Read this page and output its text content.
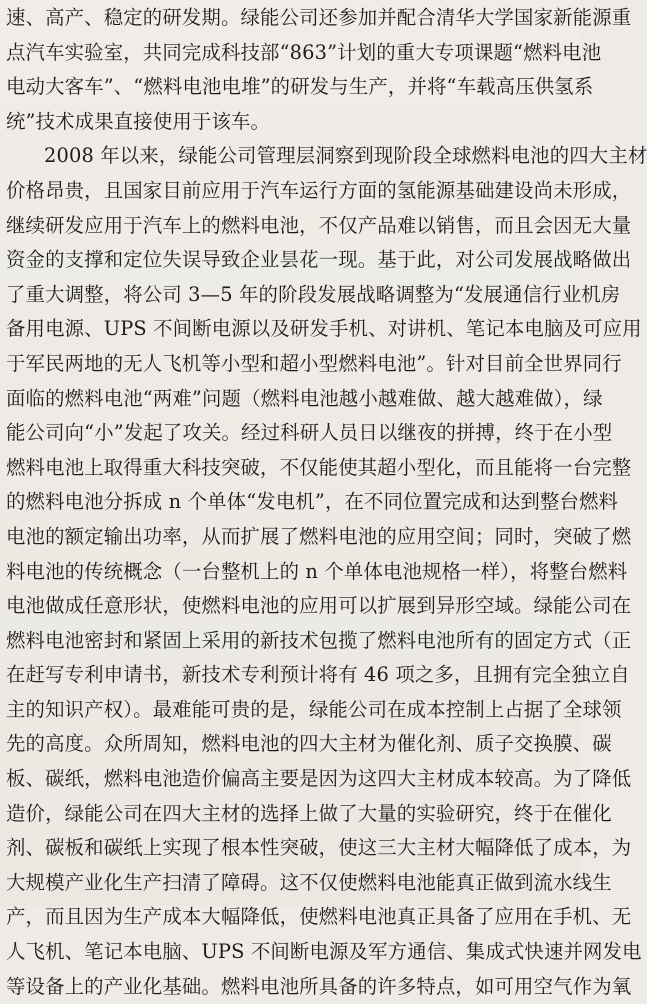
速、高产、稳定的研发期。绿能公司还参加并配合清华大学国家新能源重
点汽车实验室，共同完成科技部“863”计划的重大专项课题“燃料电池
电动大客车”、“燃料电池电堆”的研发与生产，并将“车载高压供氢系
统”技术成果直接使用于该车。
2008 年以来，绿能公司管理层洞察到现阶段全球燃料电池的四大主材
价格昂贵，且国家目前应用于汽车运行方面的氢能源基础建设尚未形成，
继续研发应用于汽车上的燃料电池，不仅产品难以销售，而且会因无大量
资金的支撑和定位失误导致企业昙花一现。基于此，对公司发展战略做出
了重大调整，将公司 3—5 年的阶段发展战略调整为“发展通信行业机房
备用电源、UPS 不间断电源以及研发手机、对讲机、笔记本电脑及可应用
于军民两地的无人飞机等小型和超小型燃料电池”。针对目前全世界同行
面临的燃料电池“两难”问题（燃料电池越小越难做、越大越难做），绿
能公司向“小”发起了攻关。经过科研人员日以继夜的拼搏，终于在小型
燃料电池上取得重大科技突破，不仅能使其超小型化，而且能将一台完整
的燃料电池分拆成 n 个单体“发电机”，在不同位置完成和达到整台燃料
电池的额定输出功率，从而扩展了燃料电池的应用空间；同时，突破了燃
料电池的传统概念（一台整机上的 n 个单体电池规格一样），将整台燃料
电池做成任意形状，使燃料电池的应用可以扩展到异形空域。绿能公司在
燃料电池密封和紧固上采用的新技术包揽了燃料电池所有的固定方式（正
在赶写专利申请书，新技术专利预计将有 46 项之多，且拥有完全独立自
主的知识产权）。最难能可贵的是，绿能公司在成本控制上占据了全球领
先的高度。众所周知，燃料电池的四大主材为催化剂、质子交换膜、碳
板、碳纸，燃料电池造价偏高主要是因为这四大主材成本较高。为了降低
造价，绿能公司在四大主材的选择上做了大量的实验研究，终于在催化
剂、碳板和碳纸上实现了根本性突破，使这三大主材大幅降低了成本，为
大规模产业化生产扫清了障碍。这不仅使燃料电池能真正做到流水线生
产，而且因为生产成本大幅降低，使燃料电池真正具备了应用在手机、无
人飞机、笔记本电脑、UPS 不间断电源及军方通信、集成式快速并网发电
等设备上的产业化基础。燃料电池所具备的许多特点，如可用空气作为氧
